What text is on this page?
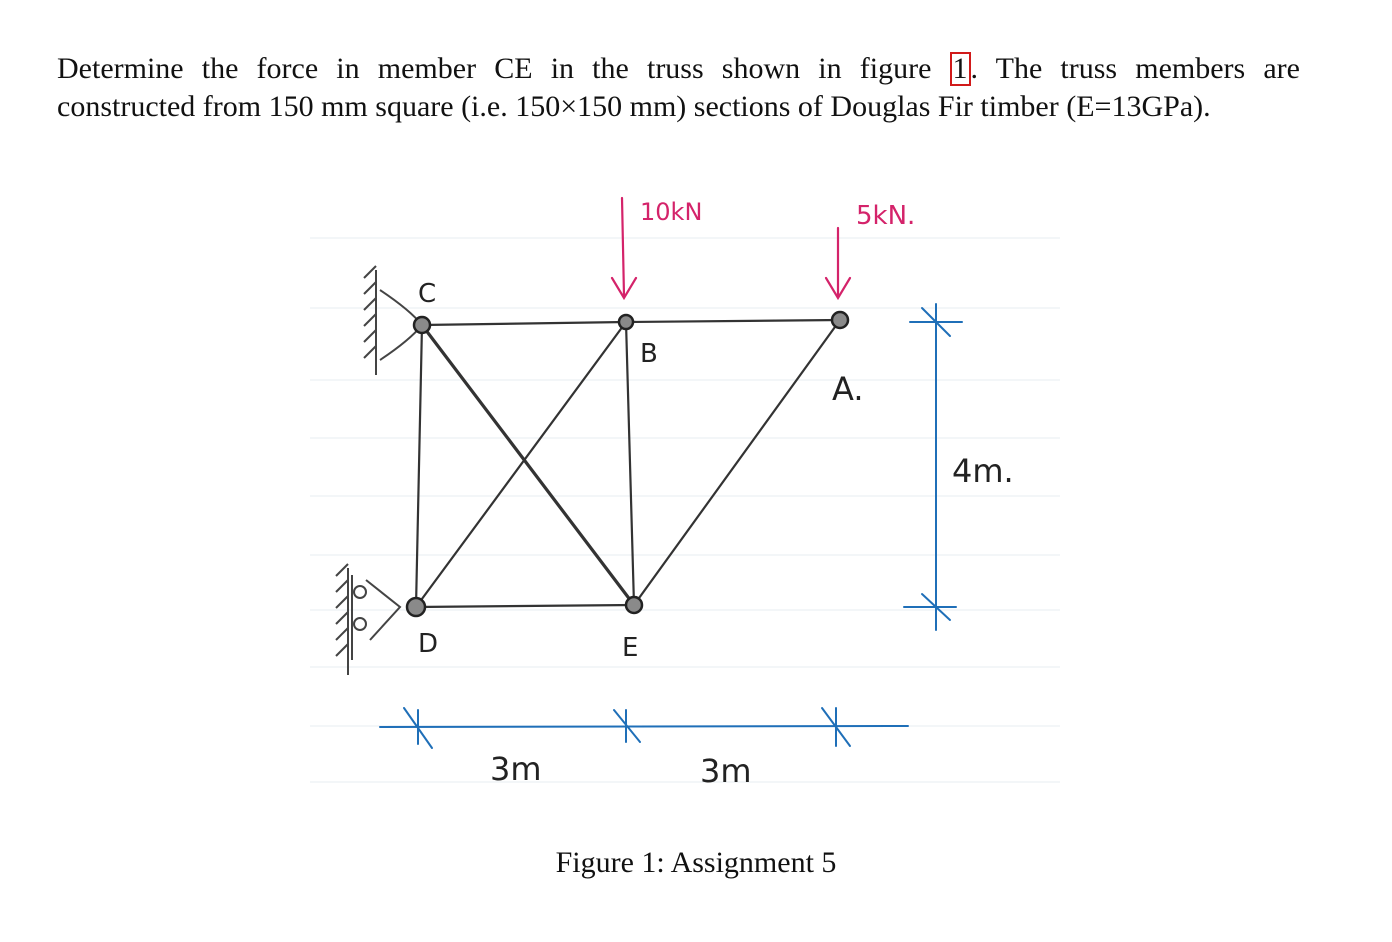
Determine the force in member CE in the truss shown in figure 1 . The truss members are
constructed from 150 mm square (i.e. 150×150 mm) sections of Douglas Fir timber (E=13GPa).
C
B
A.
D	E
10kN	5kN.
4m.
3m	3m
Figure 1: Assignment 5
